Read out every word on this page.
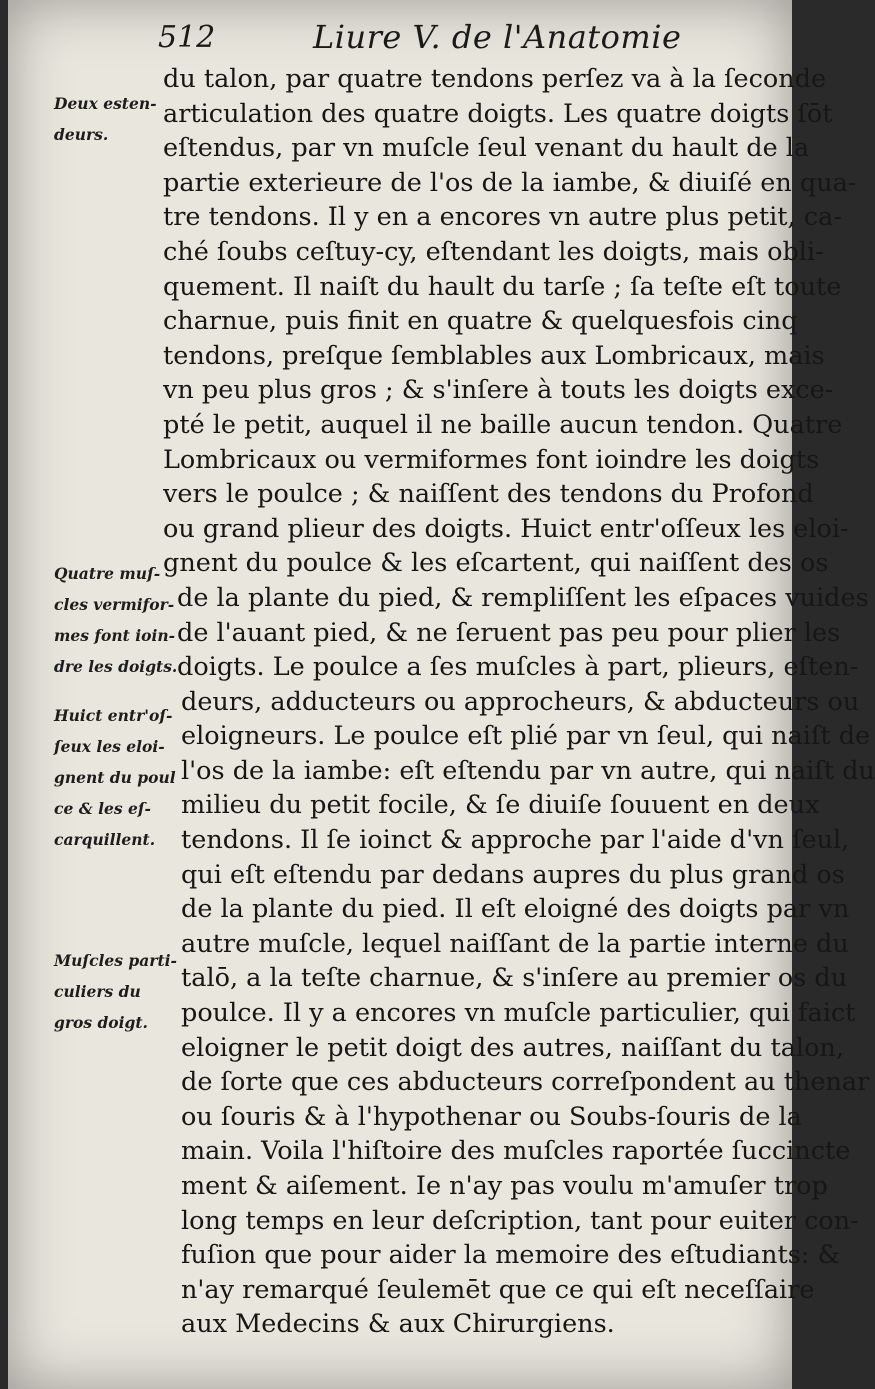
512	Liure V. de l'Anatomie
Deux esten-
deurs.
Quatre muſ-
cles vermifor-
mes font ioin-
dre les doigts.
Huict entr'oſ-
ſeux les eloi-
gnent du poul
ce & les eſ-
carquillent.
Muſcles parti-
culiers du
gros doigt.
du talon, par quatre tendons perſez va à la ſeconde
articulation des quatre doigts. Les quatre doigts ſōt
eſtendus, par vn muſcle ſeul venant du hault de la
partie exterieure de l'os de la iambe, & diuiſé en qua-
tre tendons. Il y en a encores vn autre plus petit, ca-
ché ſoubs ceſtuy-cy, eſtendant les doigts, mais obli-
quement. Il naiſt du hault du tarſe ; ſa teſte eſt toute
charnue, puis finit en quatre & quelquesfois cinq
tendons, preſque ſemblables aux Lombricaux, mais
vn peu plus gros ; & s'inſere à touts les doigts exce-
pté le petit, auquel il ne baille aucun tendon. Quatre
Lombricaux ou vermiformes font ioindre les doigts
vers le poulce ; & naiſſent des tendons du Profond
ou grand plieur des doigts. Huict entr'oſſeux les eloi-
gnent du poulce & les eſcartent, qui naiſſent des os
de la plante du pied, & rempliſſent les eſpaces vuides
de l'auant pied, & ne ſeruent pas peu pour plier les
doigts. Le poulce a ſes muſcles à part, plieurs, eſten-
deurs, adducteurs ou approcheurs, & abducteurs ou
eloigneurs. Le poulce eſt plié par vn ſeul, qui naiſt de
l'os de la iambe: eſt eſtendu par vn autre, qui naiſt du
milieu du petit focile, & ſe diuiſe ſouuent en deux
tendons. Il ſe ioinct & approche par l'aide d'vn ſeul,
qui eſt eſtendu par dedans aupres du plus grand os
de la plante du pied. Il eſt eloigné des doigts par vn
autre muſcle, lequel naiſſant de la partie interne du
talō, a la teſte charnue, & s'inſere au premier os du
poulce. Il y a encores vn muſcle particulier, qui faict
eloigner le petit doigt des autres, naiſſant du talon,
de ſorte que ces abducteurs correſpondent au thenar
ou ſouris & à l'hypothenar ou Soubs-ſouris de la
main. Voila l'hiſtoire des muſcles raportée ſuccincte
ment & aiſement. Ie n'ay pas voulu m'amuſer trop
long temps en leur deſcription, tant pour euiter con-
fuſion que pour aider la memoire des eſtudiants: &
n'ay remarqué ſeulemēt que ce qui eſt neceſſaire
aux Medecins & aux Chirurgiens.
